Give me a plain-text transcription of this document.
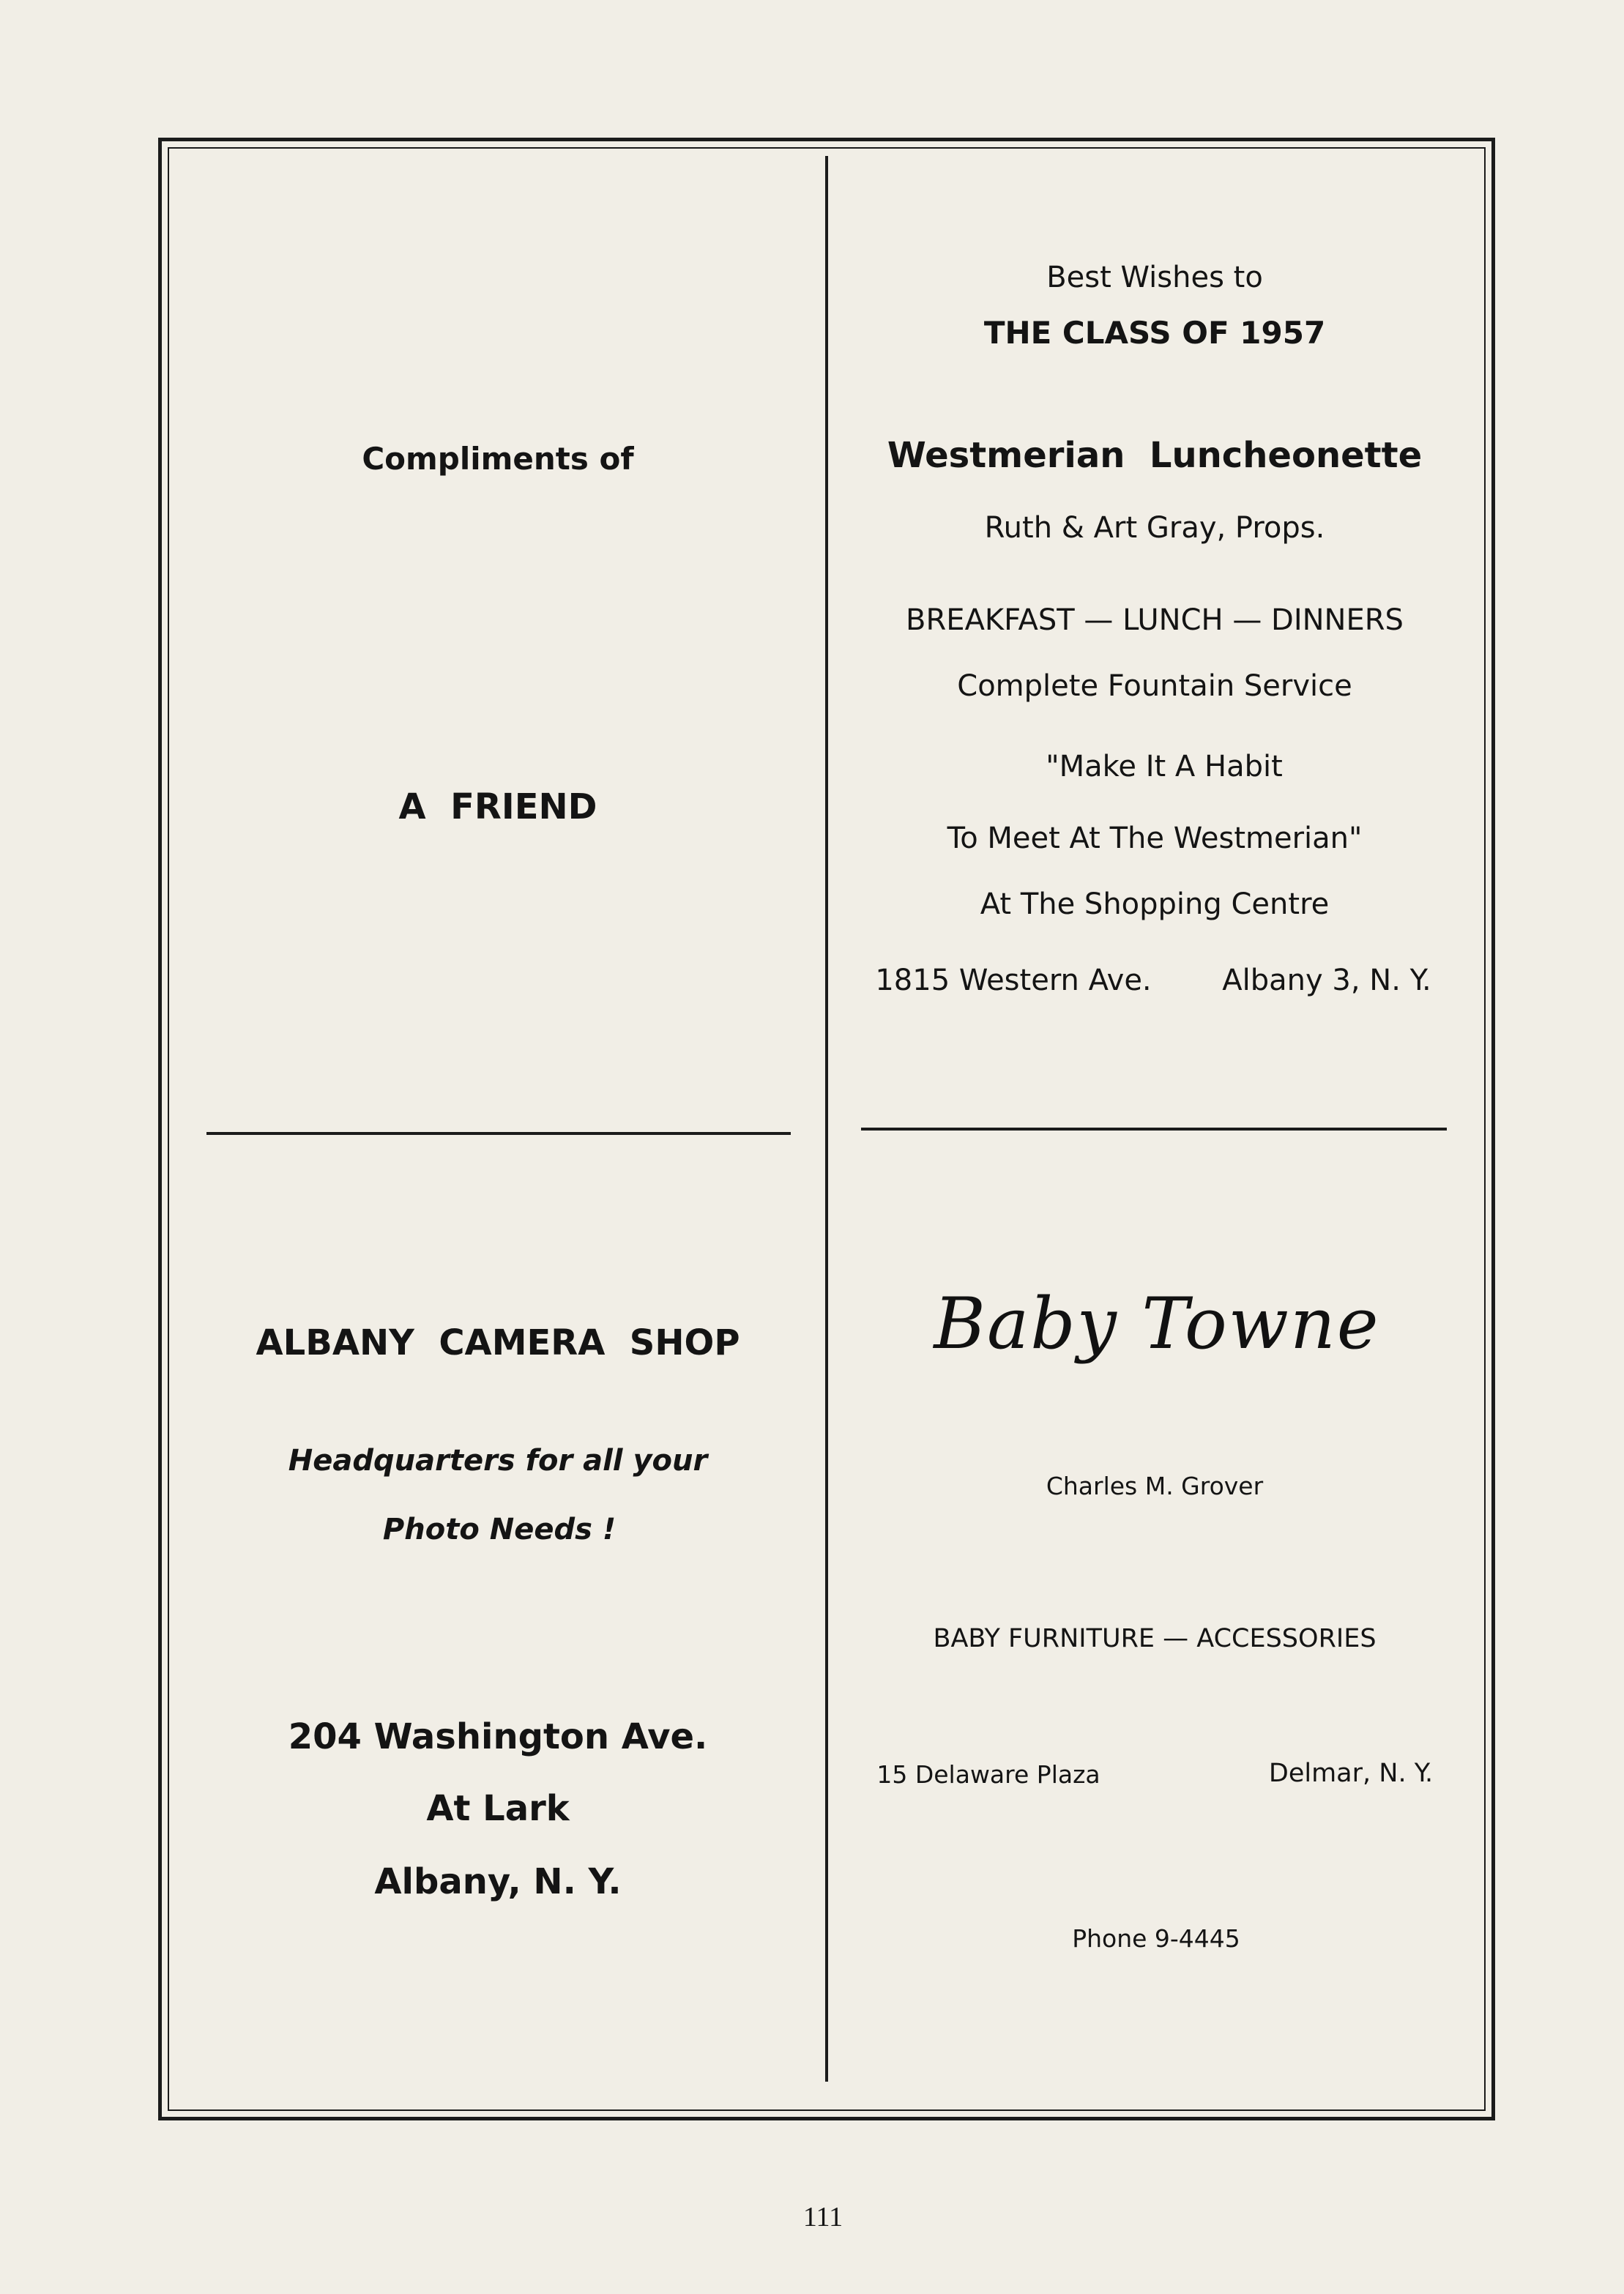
Compliments of
A  FRIEND
Best Wishes to
THE CLASS OF 1957
Westmerian  Luncheonette
Ruth & Art Gray, Props.
BREAKFAST — LUNCH — DINNERS
Complete Fountain Service
"Make It A Habit
To Meet At The Westmerian"
At The Shopping Centre
1815 Western Ave. Albany 3, N. Y.
ALBANY  CAMERA  SHOP
Headquarters for all your
Photo Needs !
204 Washington Ave.
At Lark
Albany, N. Y.
Baby Towne
Charles M. Grover
BABY FURNITURE — ACCESSORIES
15 Delaware Plaza	Delmar, N. Y.
Phone 9-4445
111
